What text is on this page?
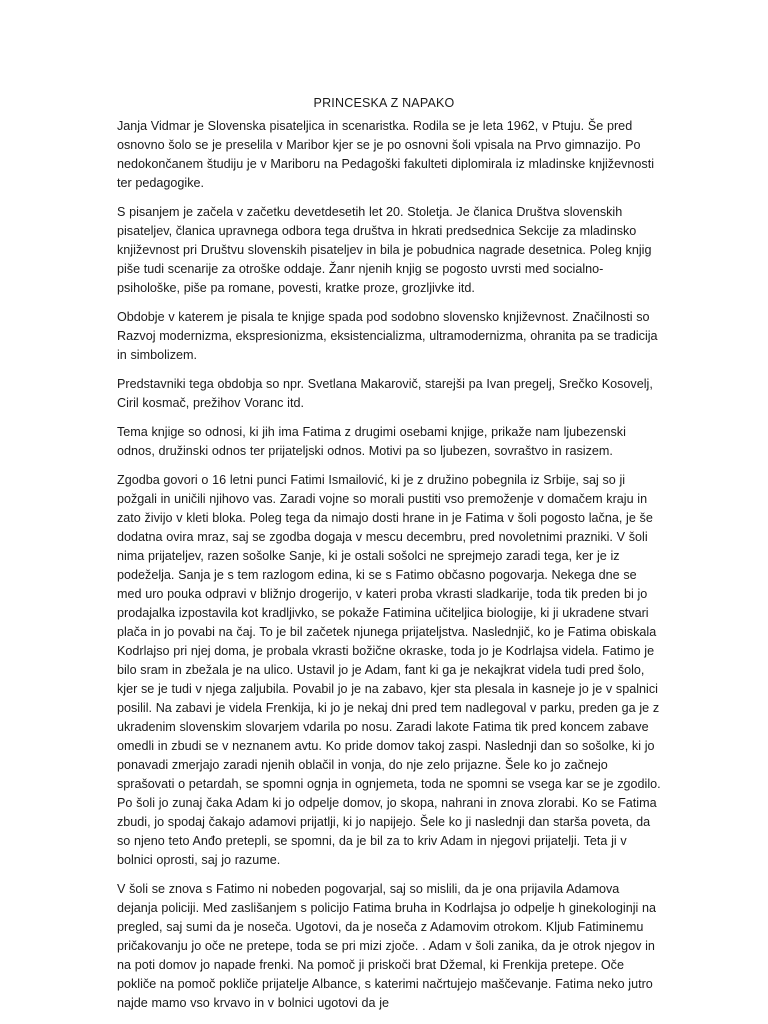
PRINCESKA Z NAPAKO

Janja Vidmar je Slovenska pisateljica in scenaristka. Rodila se je leta 1962, v Ptuju. Še pred osnovno šolo se je preselila v Maribor kjer se je po osnovni šoli vpisala na Prvo gimnazijo. Po nedokončanem študiju je v Mariboru na Pedagoški fakulteti diplomirala iz mladinske književnosti ter pedagogike.

S pisanjem je začela v začetku devetdesetih let 20. Stoletja. Je članica Društva slovenskih pisateljev, članica upravnega odbora tega društva in hkrati predsednica Sekcije za mladinsko književnost pri Društvu slovenskih pisateljev in bila je pobudnica nagrade desetnica. Poleg knjig piše tudi scenarije za otroške oddaje. Žanr njenih knjig se pogosto uvrsti med socialno-psihološke, piše pa romane, povesti, kratke proze, grozljivke itd.

Obdobje v katerem je pisala te knjige spada pod sodobno slovensko književnost. Značilnosti so Razvoj modernizma, ekspresionizma, eksistencializma, ultramodernizma, ohranita pa se tradicija in simbolizem.

Predstavniki tega obdobja so npr. Svetlana Makarovič, starejši pa Ivan pregelj, Srečko Kosovelj, Ciril kosmač, prežihov Voranc itd.

Tema knjige so odnosi, ki jih ima Fatima z drugimi osebami knjige, prikaže nam ljubezenski odnos, družinski odnos ter prijateljski odnos. Motivi pa so ljubezen, sovraštvo in rasizem.

Zgodba govori o 16 letni punci Fatimi Ismailović, ki je z družino pobegnila iz Srbije, saj so ji požgali in uničili njihovo vas. Zaradi vojne so morali pustiti vso premoženje v domačem kraju in zato živijo v kleti bloka. Poleg tega da nimajo dosti hrane in je Fatima v šoli pogosto lačna, je še dodatna ovira mraz, saj se zgodba dogaja v mescu decembru, pred novoletnimi prazniki. V šoli nima prijateljev, razen sošolke Sanje, ki je ostali sošolci ne sprejmejo zaradi tega, ker je iz podeželja. Sanja je s tem razlogom edina, ki se s Fatimo občasno pogovarja. Nekega dne se med uro pouka odpravi v bližnjo drogerijo, v kateri proba vkrasti sladkarije, toda tik preden bi jo prodajalka izpostavila kot kradljivko, se pokaže Fatimina učiteljica biologije, ki ji ukradene stvari plača in jo povabi na čaj. To je bil začetek njunega prijateljstva. Naslednjič, ko je Fatima obiskala Kodrlajso pri njej doma, je probala vkrasti božične okraske, toda jo je Kodrlajsa videla. Fatimo je bilo sram in zbežala je na ulico. Ustavil jo je Adam, fant ki ga je nekajkrat videla tudi pred šolo, kjer se je tudi v njega zaljubila. Povabil jo je na zabavo, kjer sta plesala in kasneje jo je v spalnici posilil. Na zabavi je videla Frenkija, ki jo je nekaj dni pred tem nadlegoval v parku, preden ga je z ukradenim slovenskim slovarjem vdarila po nosu. Zaradi lakote Fatima tik pred koncem zabave omedli in zbudi se v neznanem avtu. Ko pride domov takoj zaspi. Naslednji dan so sošolke, ki jo ponavadi zmerjajo zaradi njenih oblačil in vonja, do nje zelo prijazne. Šele ko jo začnejo sprašovati o petardah, se spomni ognja in ognjemeta, toda ne spomni se vsega kar se je zgodilo. Po šoli jo zunaj čaka Adam ki jo odpelje domov, jo skopa, nahrani in znova zlorabi. Ko se Fatima zbudi, jo spodaj čakajo adamovi prijatlji, ki jo napijejo. Šele ko ji naslednji dan starša poveta, da so njeno teto Anđo pretepli, se spomni, da je bil za to kriv Adam in njegovi prijatelji. Teta ji v bolnici oprosti, saj jo razume.

V šoli se znova s Fatimo ni nobeden pogovarjal, saj so mislili, da je ona prijavila Adamova dejanja policiji. Med zaslišanjem s policijo Fatima bruha in Kodrlajsa jo odpelje h ginekologinji na pregled, saj sumi da je noseča. Ugotovi, da je noseča z Adamovim otrokom. Kljub Fatiminemu pričakovanju jo oče ne pretepe, toda se pri mizi zjoče. . Adam v šoli zanika, da je otrok njegov in na poti domov jo napade frenki. Na pomoč ji priskoči brat Džemal, ki Frenkija pretepe. Oče pokliče na pomoč pokliče prijatelje Albance, s katerimi načrtujejo maščevanje. Fatima neko jutro najde mamo vso krvavo in v bolnici ugotovi da je
